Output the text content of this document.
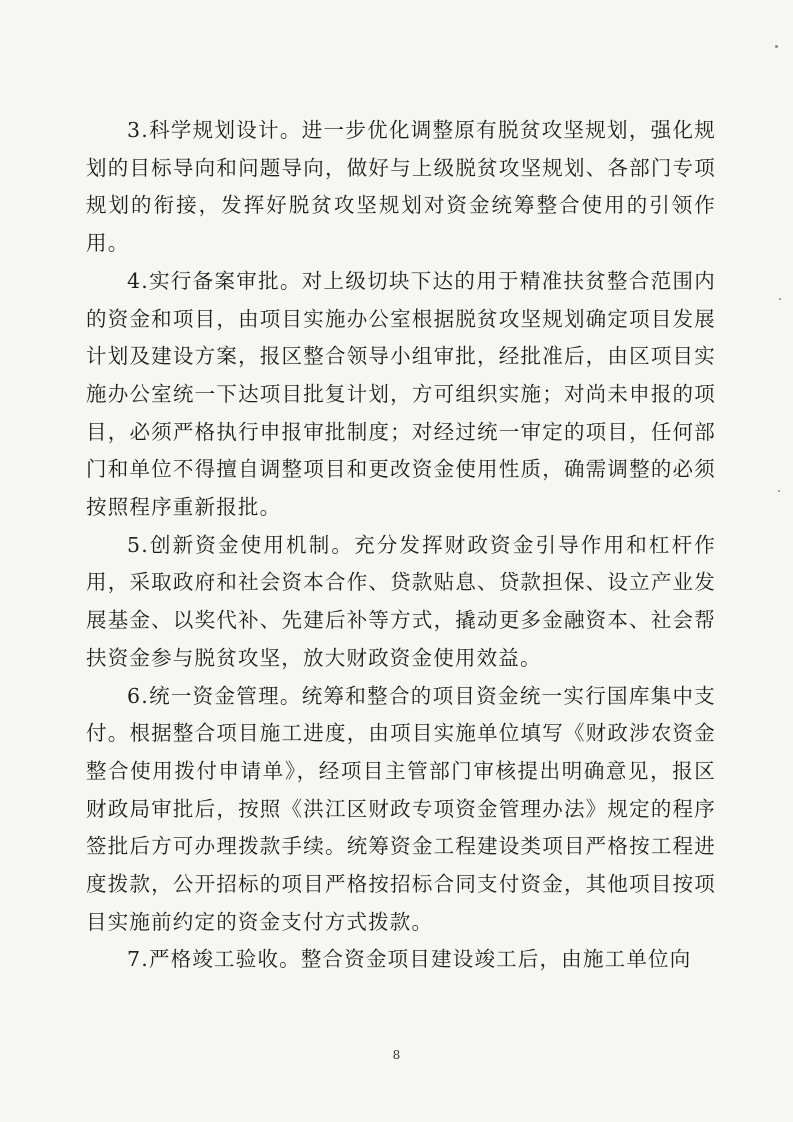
3.科学规划设计。进一步优化调整原有脱贫攻坚规划，强化规划的目标导向和问题导向，做好与上级脱贫攻坚规划、各部门专项规划的衔接，发挥好脱贫攻坚规划对资金统筹整合使用的引领作用。

4.实行备案审批。对上级切块下达的用于精准扶贫整合范围内的资金和项目，由项目实施办公室根据脱贫攻坚规划确定项目发展计划及建设方案，报区整合领导小组审批，经批准后，由区项目实施办公室统一下达项目批复计划，方可组织实施；对尚未申报的项目，必须严格执行申报审批制度；对经过统一审定的项目，任何部门和单位不得擅自调整项目和更改资金使用性质，确需调整的必须按照程序重新报批。

5.创新资金使用机制。充分发挥财政资金引导作用和杠杆作用，采取政府和社会资本合作、贷款贴息、贷款担保、设立产业发展基金、以奖代补、先建后补等方式，撬动更多金融资本、社会帮扶资金参与脱贫攻坚，放大财政资金使用效益。

6.统一资金管理。统筹和整合的项目资金统一实行国库集中支付。根据整合项目施工进度，由项目实施单位填写《财政涉农资金整合使用拨付申请单》，经项目主管部门审核提出明确意见，报区财政局审批后，按照《洪江区财政专项资金管理办法》规定的程序签批后方可办理拨款手续。统筹资金工程建设类项目严格按工程进度拨款，公开招标的项目严格按招标合同支付资金，其他项目按项目实施前约定的资金支付方式拨款。

7.严格竣工验收。整合资金项目建设竣工后，由施工单位向

8
